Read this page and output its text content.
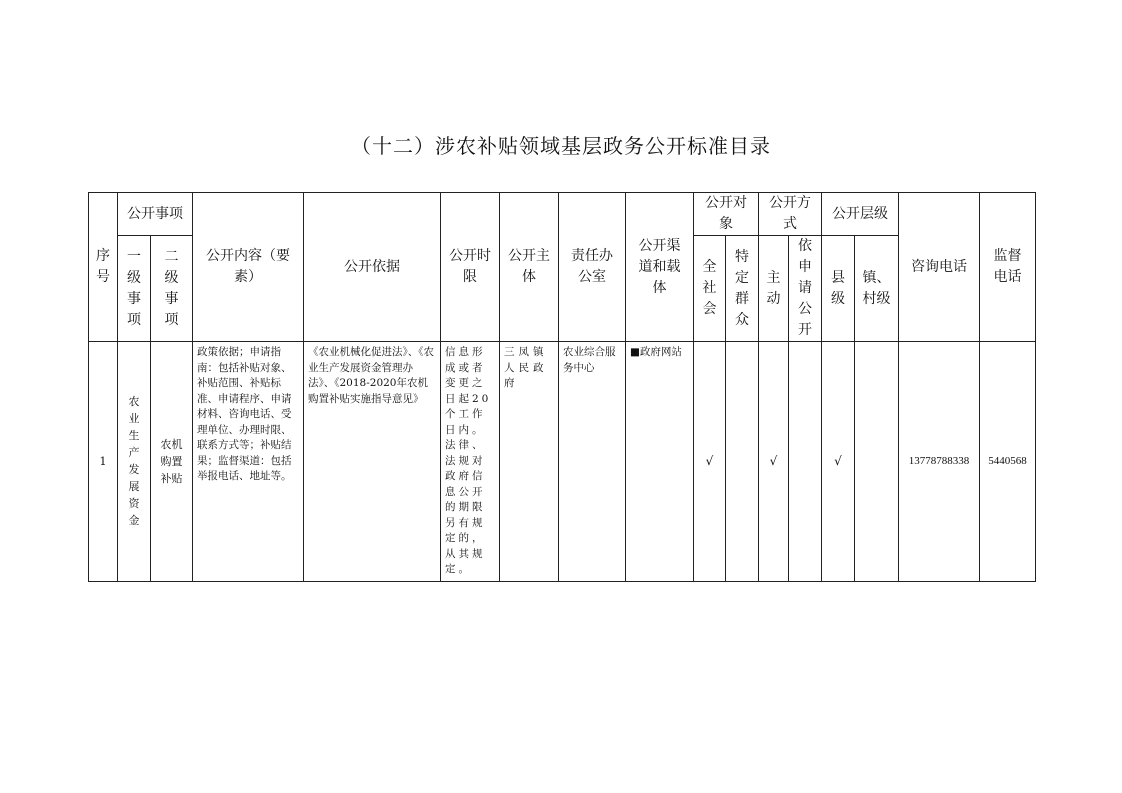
（十二）涉农补贴领域基层政务公开标准目录
序号	公开事项		公开内容（要素）	公开依据	公开时限	公开主体	责任办公室	公开渠道和载体	公开对象		公开方式		公开层级		咨询电话	监督电话
	一级事项	二级事项							全社会	特定群众	主动	依申请公开	县级	镇、村级		
1	农业生产发展资金	农机购置补贴	政策依据；申请指南：包括补贴对象、补贴范围、补贴标准、申请程序、申请材料、咨询电话、受理单位、办理时限、联系方式等；补贴结果；监督渠道：包括举报电话、地址等。	《农业机械化促进法》、《农业生产发展资金管理办法》、《2018-2020年农机购置补贴实施指导意见》	信息形成或者变更之日起20个工作日内。法律、法规对政府信息公开的期限另有规定的，从其规定。	三凤镇人民政府	农业综合服务中心	■政府网站	√		√		√		13778788338	5440568
